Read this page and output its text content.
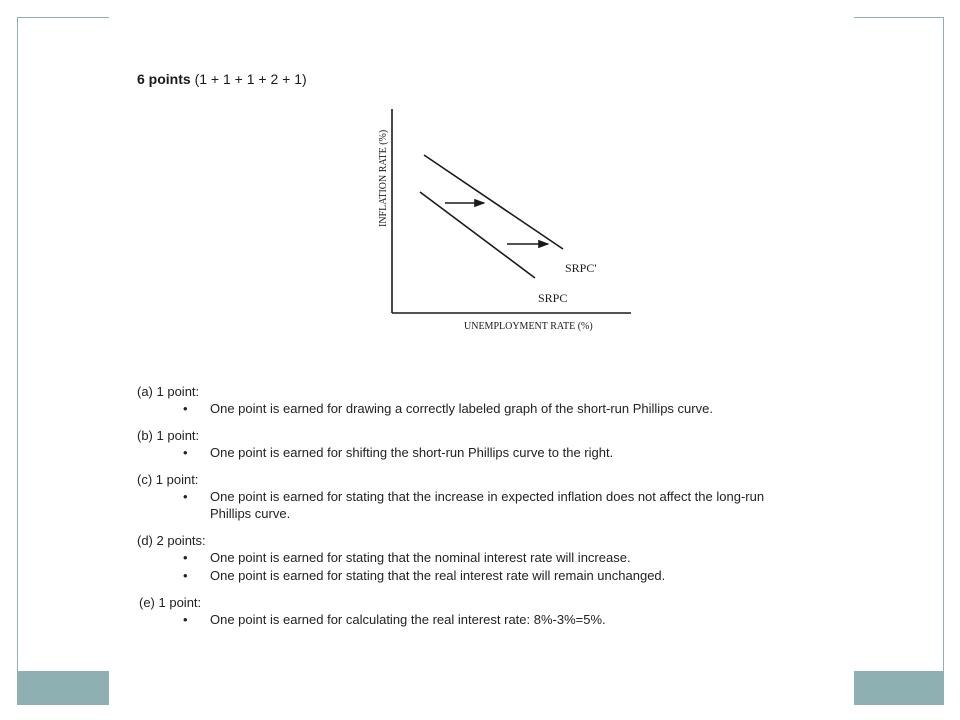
6 points (1 + 1 + 1 + 2 + 1)
INFLATION RATE (%)
UNEMPLOYMENT RATE (%)
SRPC'
SRPC
(a) 1 point:
• One point is earned for drawing a correctly labeled graph of the short-run Phillips curve.
(b) 1 point:
• One point is earned for shifting the short-run Phillips curve to the right.
(c) 1 point:
• One point is earned for stating that the increase in expected inflation does not affect the long-run Phillips curve.
(d) 2 points:
• One point is earned for stating that the nominal interest rate will increase.
• One point is earned for stating that the real interest rate will remain unchanged.
(e) 1 point:
• One point is earned for calculating the real interest rate: 8%-3%=5%.
